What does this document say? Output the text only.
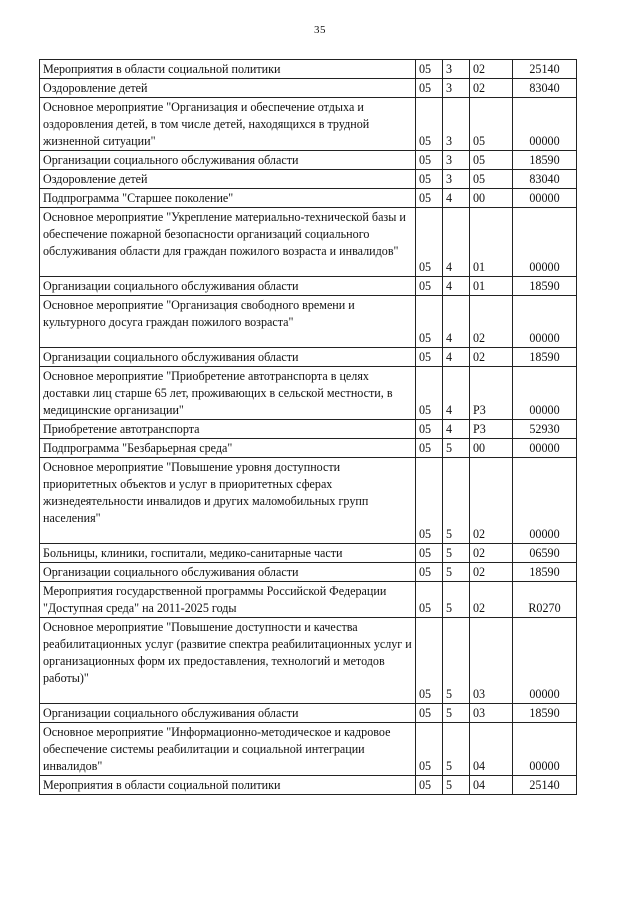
35
Мероприятия в области социальной политики	05	3	02	25140
Оздоровление детей	05	3	02	83040
Основное мероприятие "Организация и обеспечение отдыха и оздоровления детей, в том числе детей, находящихся в трудной жизненной ситуации"	05	3	05	00000
Организации социального обслуживания области	05	3	05	18590
Оздоровление детей	05	3	05	83040
Подпрограмма "Старшее поколение"	05	4	00	00000
Основное мероприятие "Укрепление материально-технической базы и обеспечение пожарной безопасности организаций социального обслуживания области для граждан пожилого возраста и инвалидов"	05	4	01	00000
Организации социального обслуживания области	05	4	01	18590
Основное мероприятие "Организация свободного времени и культурного досуга граждан пожилого возраста"	05	4	02	00000
Организации социального обслуживания области	05	4	02	18590
Основное мероприятие "Приобретение автотранспорта в целях доставки лиц старше 65 лет, проживающих в сельской местности, в медицинские организации"	05	4	Р3	00000
Приобретение автотранспорта	05	4	Р3	52930
Подпрограмма "Безбарьерная среда"	05	5	00	00000
Основное мероприятие "Повышение уровня доступности приоритетных объектов и услуг в приоритетных сферах жизнедеятельности инвалидов и других маломобильных групп населения"	05	5	02	00000
Больницы, клиники, госпитали, медико-санитарные части	05	5	02	06590
Организации социального обслуживания области	05	5	02	18590
Мероприятия государственной программы Российской Федерации "Доступная среда" на 2011-2025 годы	05	5	02	R0270
Основное мероприятие "Повышение доступности и качества реабилитационных услуг (развитие спектра реабилитационных услуг и организационных форм их предоставления, технологий и методов работы)"	05	5	03	00000
Организации социального обслуживания области	05	5	03	18590
Основное мероприятие "Информационно-методическое и кадровое обеспечение системы реабилитации и социальной интеграции инвалидов"	05	5	04	00000
Мероприятия в области социальной политики	05	5	04	25140
